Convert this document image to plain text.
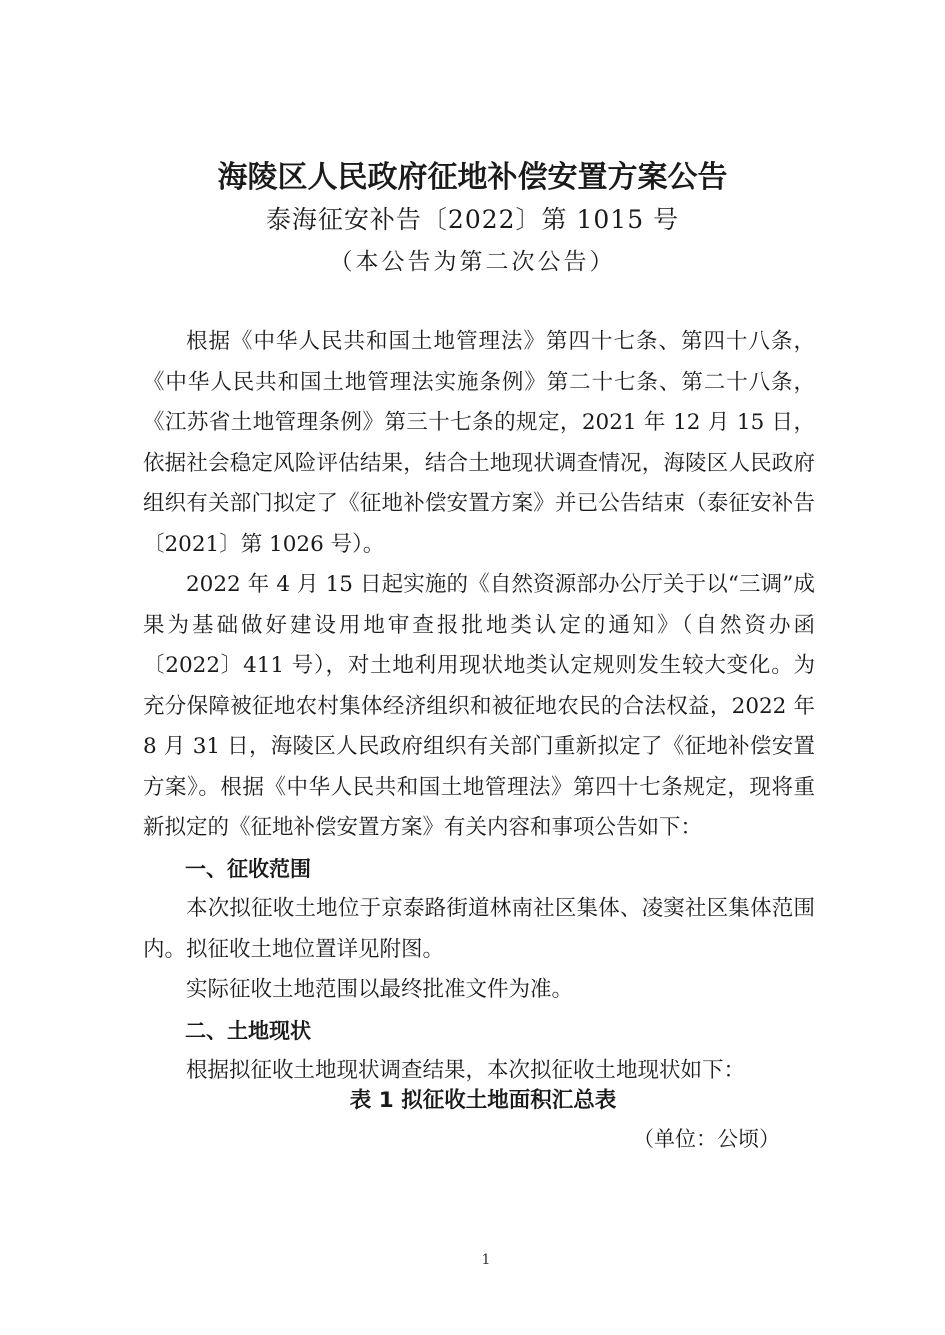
海陵区人民政府征地补偿安置方案公告
泰海征安补告〔2022〕第 1015 号
（本公告为第二次公告）

根据《中华人民共和国土地管理法》第四十七条、第四十八条，《中华人民共和国土地管理法实施条例》第二十七条、第二十八条，《江苏省土地管理条例》第三十七条的规定，2021 年 12 月 15 日，依据社会稳定风险评估结果，结合土地现状调查情况，海陵区人民政府组织有关部门拟定了《征地补偿安置方案》并已公告结束（泰征安补告〔2021〕第 1026 号）。

2022 年 4 月 15 日起实施的《自然资源部办公厅关于以“三调”成果为基础做好建设用地审查报批地类认定的通知》（自然资办函〔2022〕411 号），对土地利用现状地类认定规则发生较大变化。为充分保障被征地农村集体经济组织和被征地农民的合法权益，2022 年 8 月 31 日，海陵区人民政府组织有关部门重新拟定了《征地补偿安置方案》。根据《中华人民共和国土地管理法》第四十七条规定，现将重新拟定的《征地补偿安置方案》有关内容和事项公告如下：

一、征收范围

本次拟征收土地位于京泰路街道林南社区集体、凌窦社区集体范围内。拟征收土地位置详见附图。

实际征收土地范围以最终批准文件为准。

二、土地现状

根据拟征收土地现状调查结果，本次拟征收土地现状如下：

表 1 拟征收土地面积汇总表
（单位：公顷）
1
